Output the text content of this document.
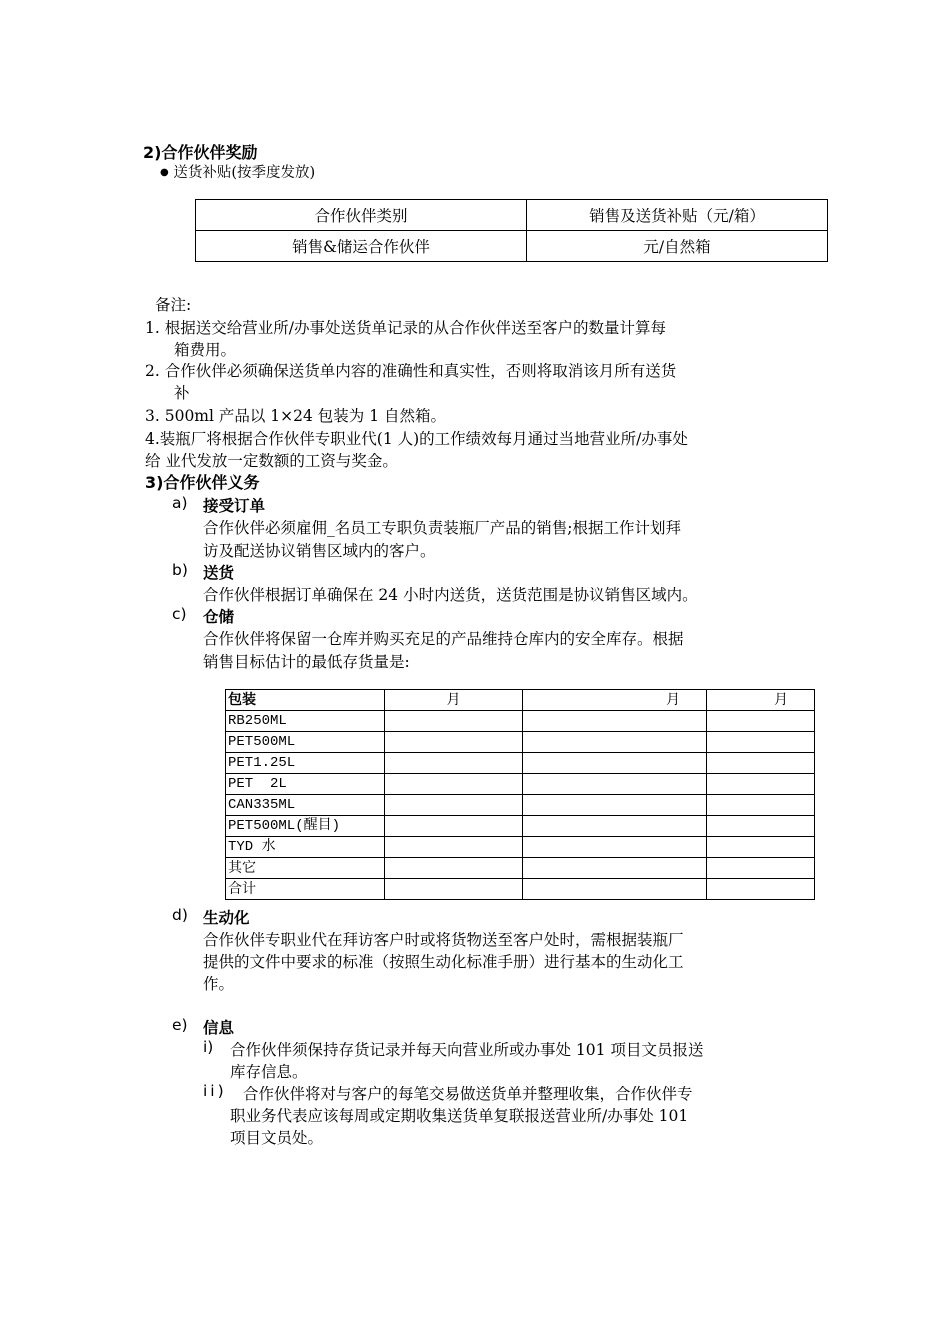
2)合作伙伴奖励
● 送货补贴(按季度发放)
合作伙伴类别	销售及送货补贴（元/箱）
销售&储运合作伙伴	元/自然箱
备注:
1. 根据送交给营业所/办事处送货单记录的从合作伙伴送至客户的数量计算每
箱费用。
2. 合作伙伴必须确保送货单内容的准确性和真实性，否则将取消该月所有送货
补
3. 500ml 产品以 1×24 包装为 1 自然箱。
4.装瓶厂将根据合作伙伴专职业代(1 人)的工作绩效每月通过当地营业所/办事处
给 业代发放一定数额的工资与奖金。
3)合作伙伴义务
a) 接受订单
合作伙伴必须雇佣_名员工专职负责装瓶厂产品的销售;根据工作计划拜
访及配送协议销售区域内的客户。
b) 送货
合作伙伴根据订单确保在 24 小时内送货，送货范围是协议销售区域内。
c) 仓储
合作伙伴将保留一仓库并购买充足的产品维持仓库内的安全库存。根据
销售目标估计的最低存货量是:
包装	月	月	月
RB250ML			
PET500ML			
PET1.25L			
PET  2L			
CAN335ML			
PET500ML(醒目)			
TYD 水			
其它			
合计			
d) 生动化
合作伙伴专职业代在拜访客户时或将货物送至客户处时，需根据装瓶厂
提供的文件中要求的标准（按照生动化标准手册）进行基本的生动化工
作。
e) 信息
i) 合作伙伴须保持存货记录并每天向营业所或办事处 101 项目文员报送
库存信息。
ii) 合作伙伴将对与客户的每笔交易做送货单并整理收集，合作伙伴专
职业务代表应该每周或定期收集送货单复联报送营业所/办事处 101
项目文员处。
